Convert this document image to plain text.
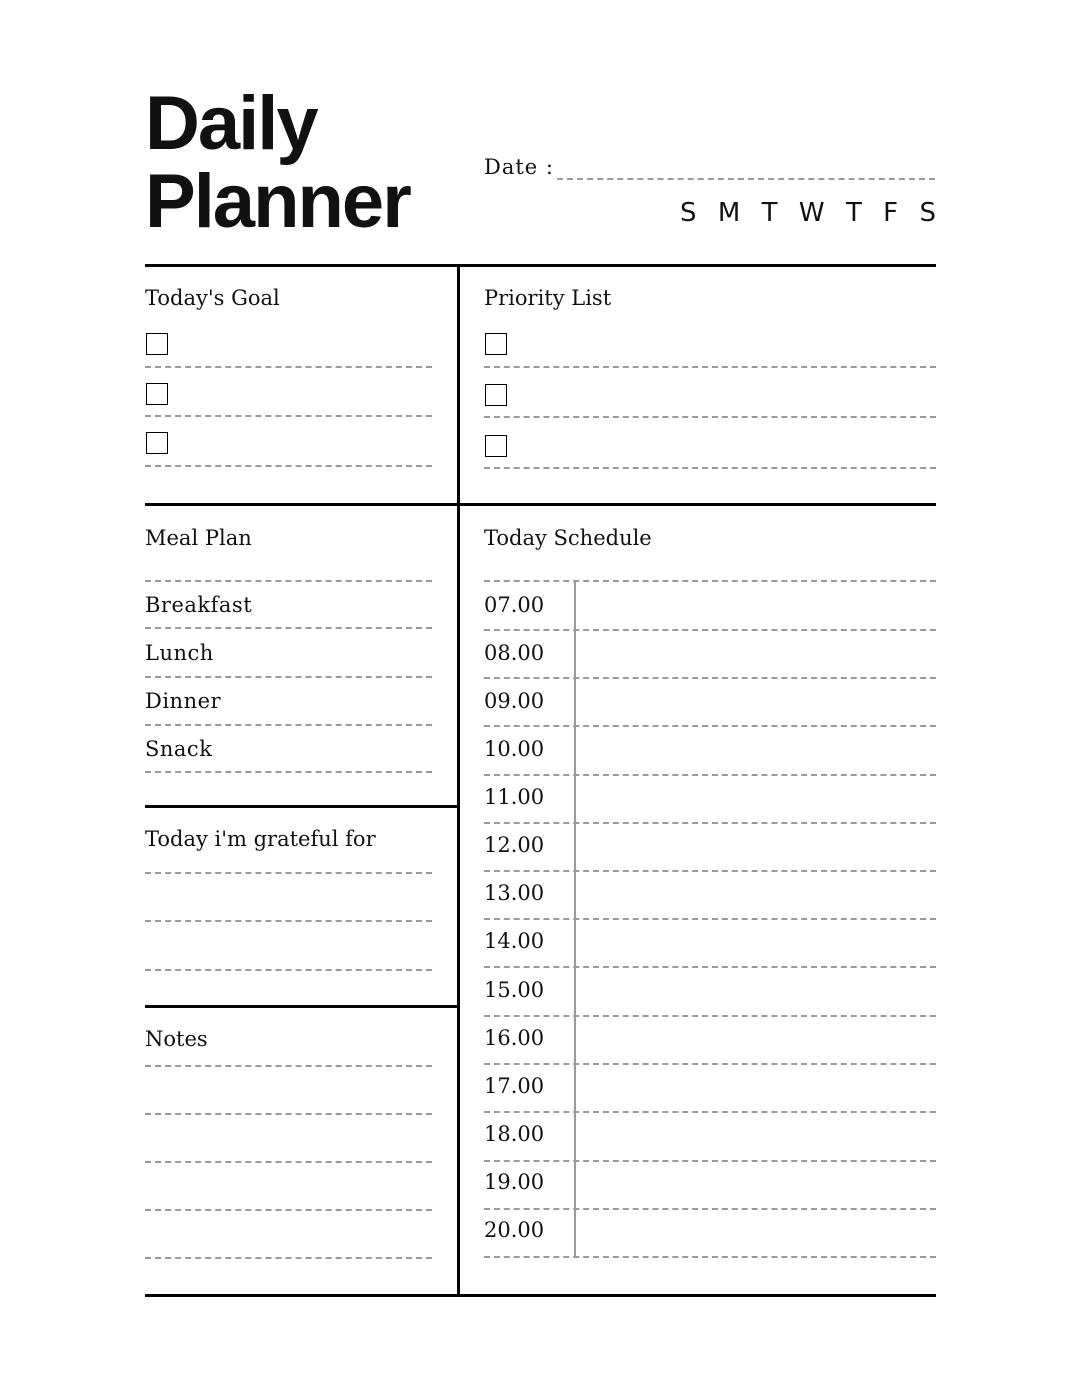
Daily
Planner	Date :
S M T W T F S
Today's Goal	Priority List
Meal Plan
Breakfast
Lunch
Dinner
Snack
Today i'm grateful for
Notes
Today Schedule
07.00
08.00
09.00
10.00
11.00
12.00
13.00
14.00
15.00
16.00
17.00
18.00
19.00
20.00
